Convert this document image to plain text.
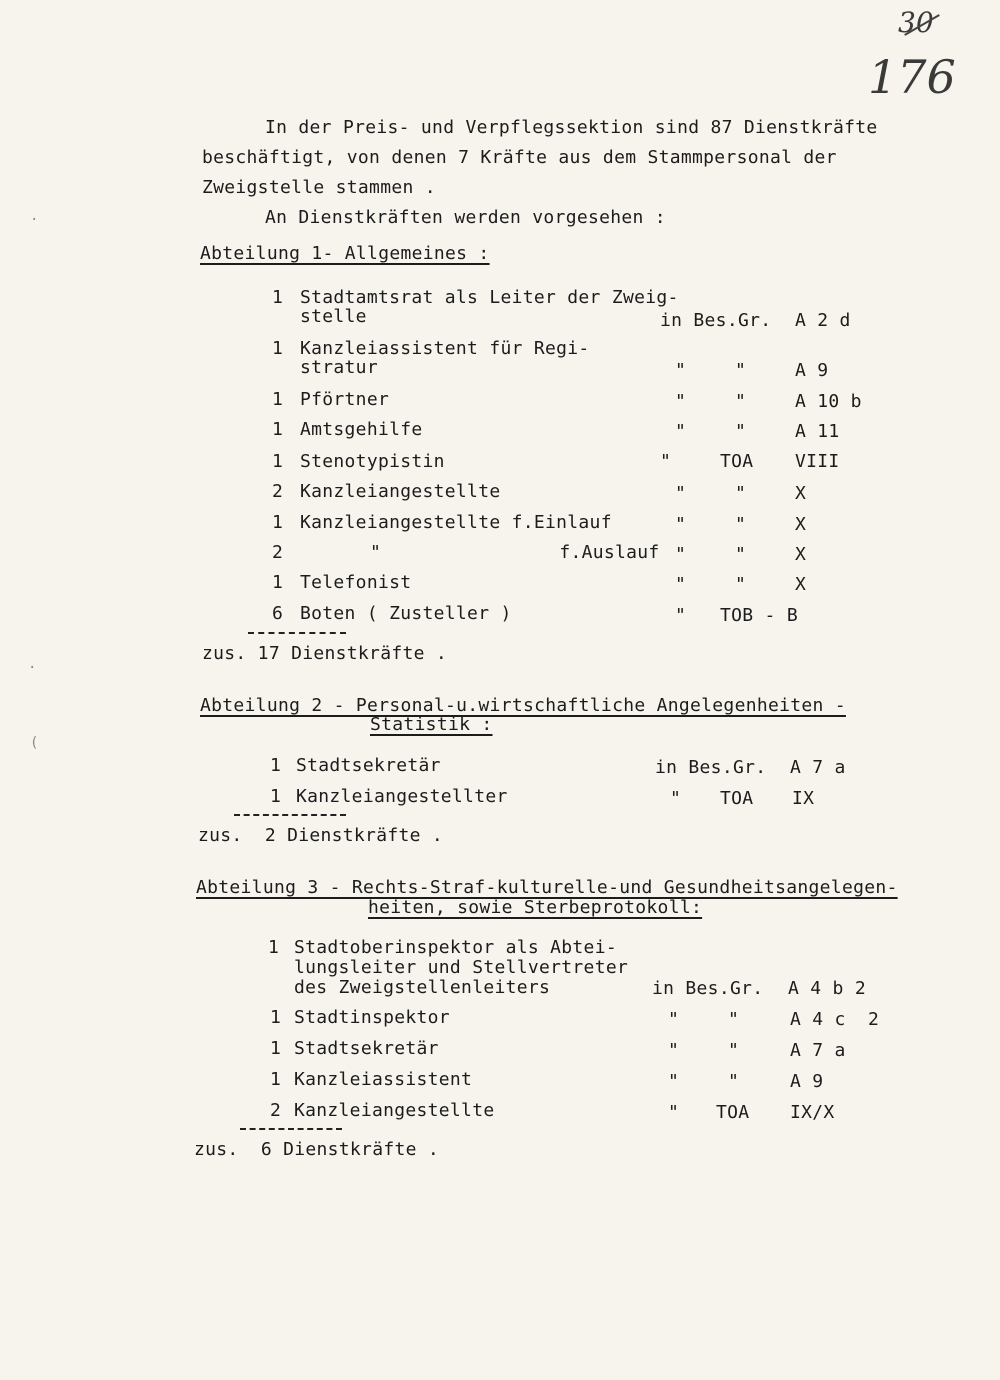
30
176
In der Preis- und Verpflegssektion sind 87 Dienstkräfte
beschäftigt, von denen 7 Kräfte aus dem Stammpersonal der
Zweigstelle stammen .
An Dienstkräften werden vorgesehen :
Abteilung 1- Allgemeines :
1 Stadtamtsrat als Leiter der Zweig-
stelle	in Bes.Gr. A 2 d
1 Kanzleiassistent für Regi-
stratur	"	"	A 9
1 Pförtner	"	"	A 10 b
1 Amtsgehilfe	"	"	A 11
1 Stenotypistin	"	TOA VIII
2 Kanzleiangestellte	"	"	X
1 Kanzleiangestellte f.Einlauf	"	"	X
2	"                f.Auslauf "	"	X
1 Telefonist	"	"	X
6 Boten ( Zusteller )	" TOB - B
zus. 17 Dienstkräfte .
Abteilung 2 - Personal-u.wirtschaftliche Angelegenheiten -
Statistik :
1 Stadtsekretär	in Bes.Gr. A 7 a
1 Kanzleiangestellter	" TOA IX
zus.  2 Dienstkräfte .
Abteilung 3 - Rechts-Straf-kulturelle-und Gesundheitsangelegen-
heiten, sowie Sterbeprotokoll:
1 Stadtoberinspektor als Abtei-
lungsleiter und Stellvertreter
des Zweigstellenleiters	in Bes.Gr. A 4 b 2
1 Stadtinspektor	"	"	A 4 c  2
1 Stadtsekretär	"	"	A 7 a
1 Kanzleiassistent	"	"	A 9
2 Kanzleiangestellte	" TOA IX/X
zus.  6 Dienstkräfte .
·
·
(
